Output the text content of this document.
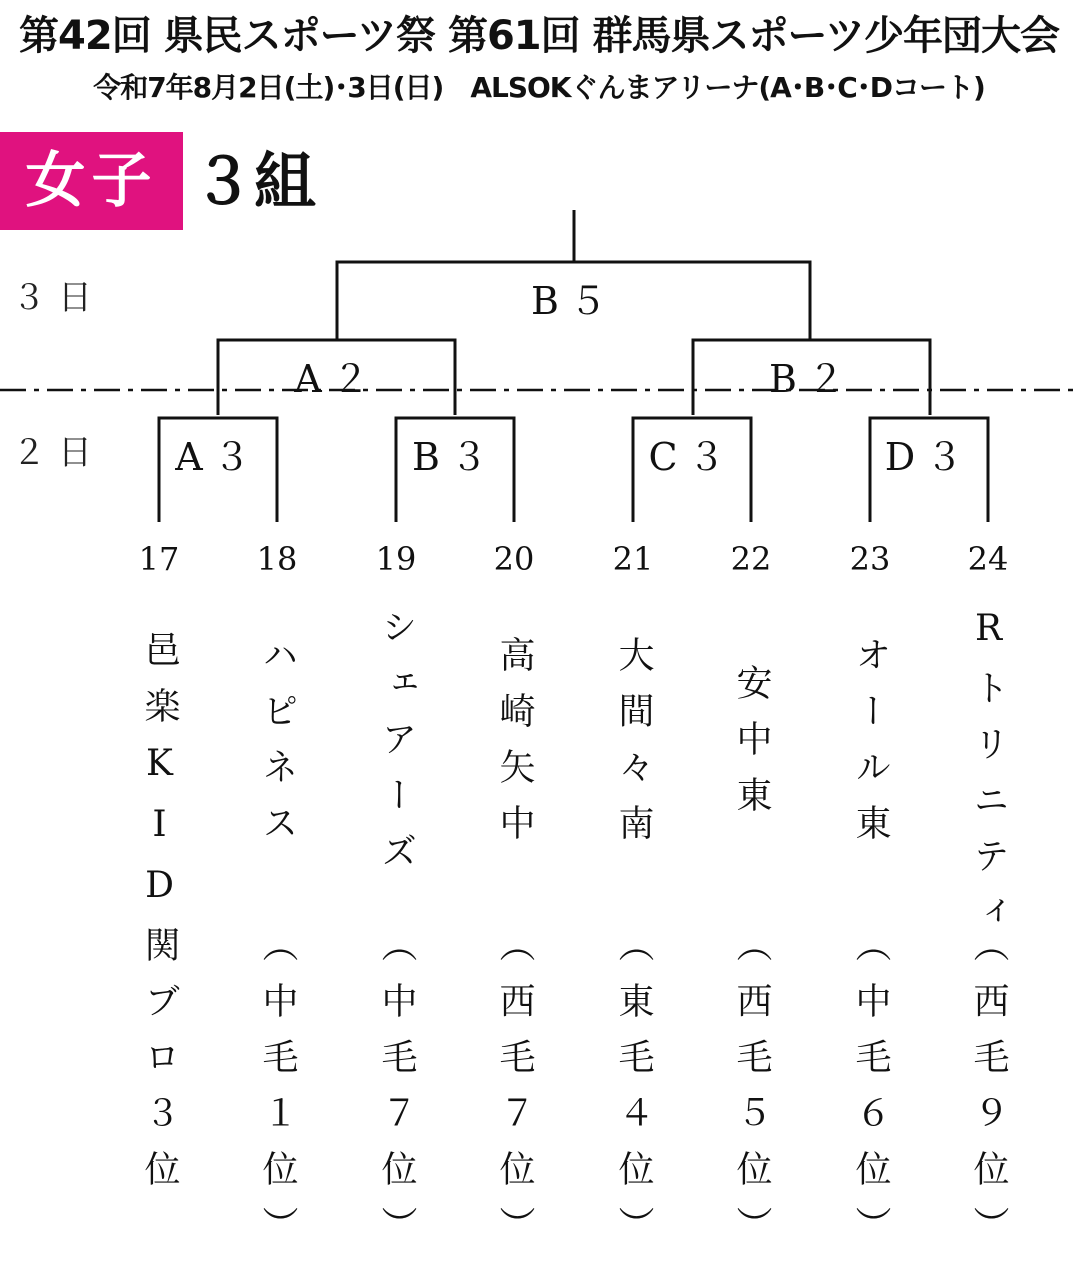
第42回 県民スポーツ祭 第61回 群馬県スポーツ少年団大会
令和7年8月2日(土)･3日(日)　ALSOKぐんまアリーナ(A･B･C･Dコート)
女子 ３組
３日
２日
B５
A２	B２
A３	B３	C３	D３
17	18	19	20	21	22	23	24
邑楽KID関ブロ３位 ハピネス シェアーズ 高崎矢中 大間々南 安中東 オール東 Rトリニティ
（中毛１位） （中毛７位） （西毛７位） （東毛４位） （西毛５位） （中毛６位） （西毛９位）
